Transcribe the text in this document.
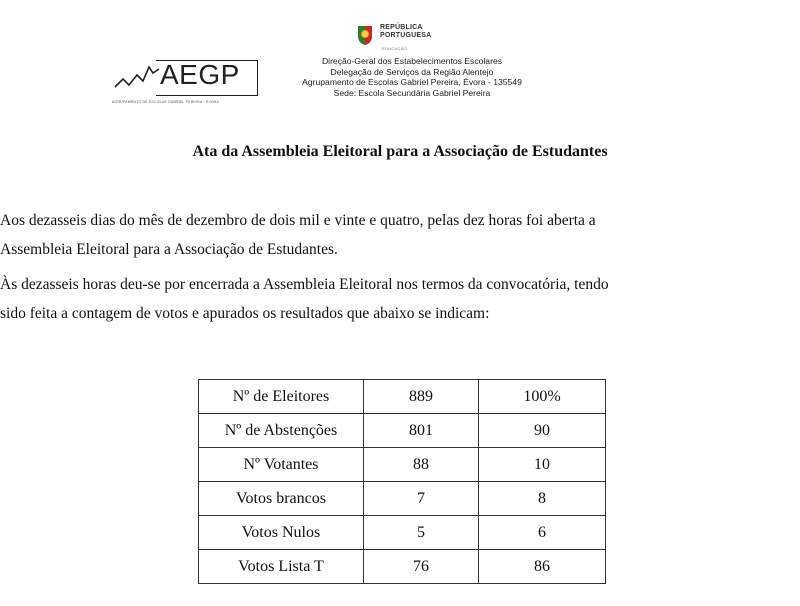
REPÚBLICA
PORTUGUESA
EDUCAÇÃO
AEGP
AGRUPAMENTO DE ESCOLAS GABRIEL PEREIRA · ÉVORA
Direção-Geral dos Estabelecimentos Escolares
Delegação de Serviços da Região Alentejo
Agrupamento de Escolas Gabriel Pereira, Évora - 135549
Sede: Escola Secundária Gabriel Pereira
Ata da Assembleia Eleitoral para a Associação de Estudantes
Aos dezasseis dias do mês de dezembro de dois mil e vinte e quatro, pelas dez horas foi aberta a
Assembleia Eleitoral para a Associação de Estudantes.
Às dezasseis horas deu-se por encerrada a Assembleia Eleitoral nos termos da convocatória, tendo
sido feita a contagem de votos e apurados os resultados que abaixo se indicam:
Nº de Eleitores	889	100%
Nº de Abstenções	801	90
Nº Votantes	88	10
Votos brancos	7	8
Votos Nulos	5	6
Votos Lista T	76	86
